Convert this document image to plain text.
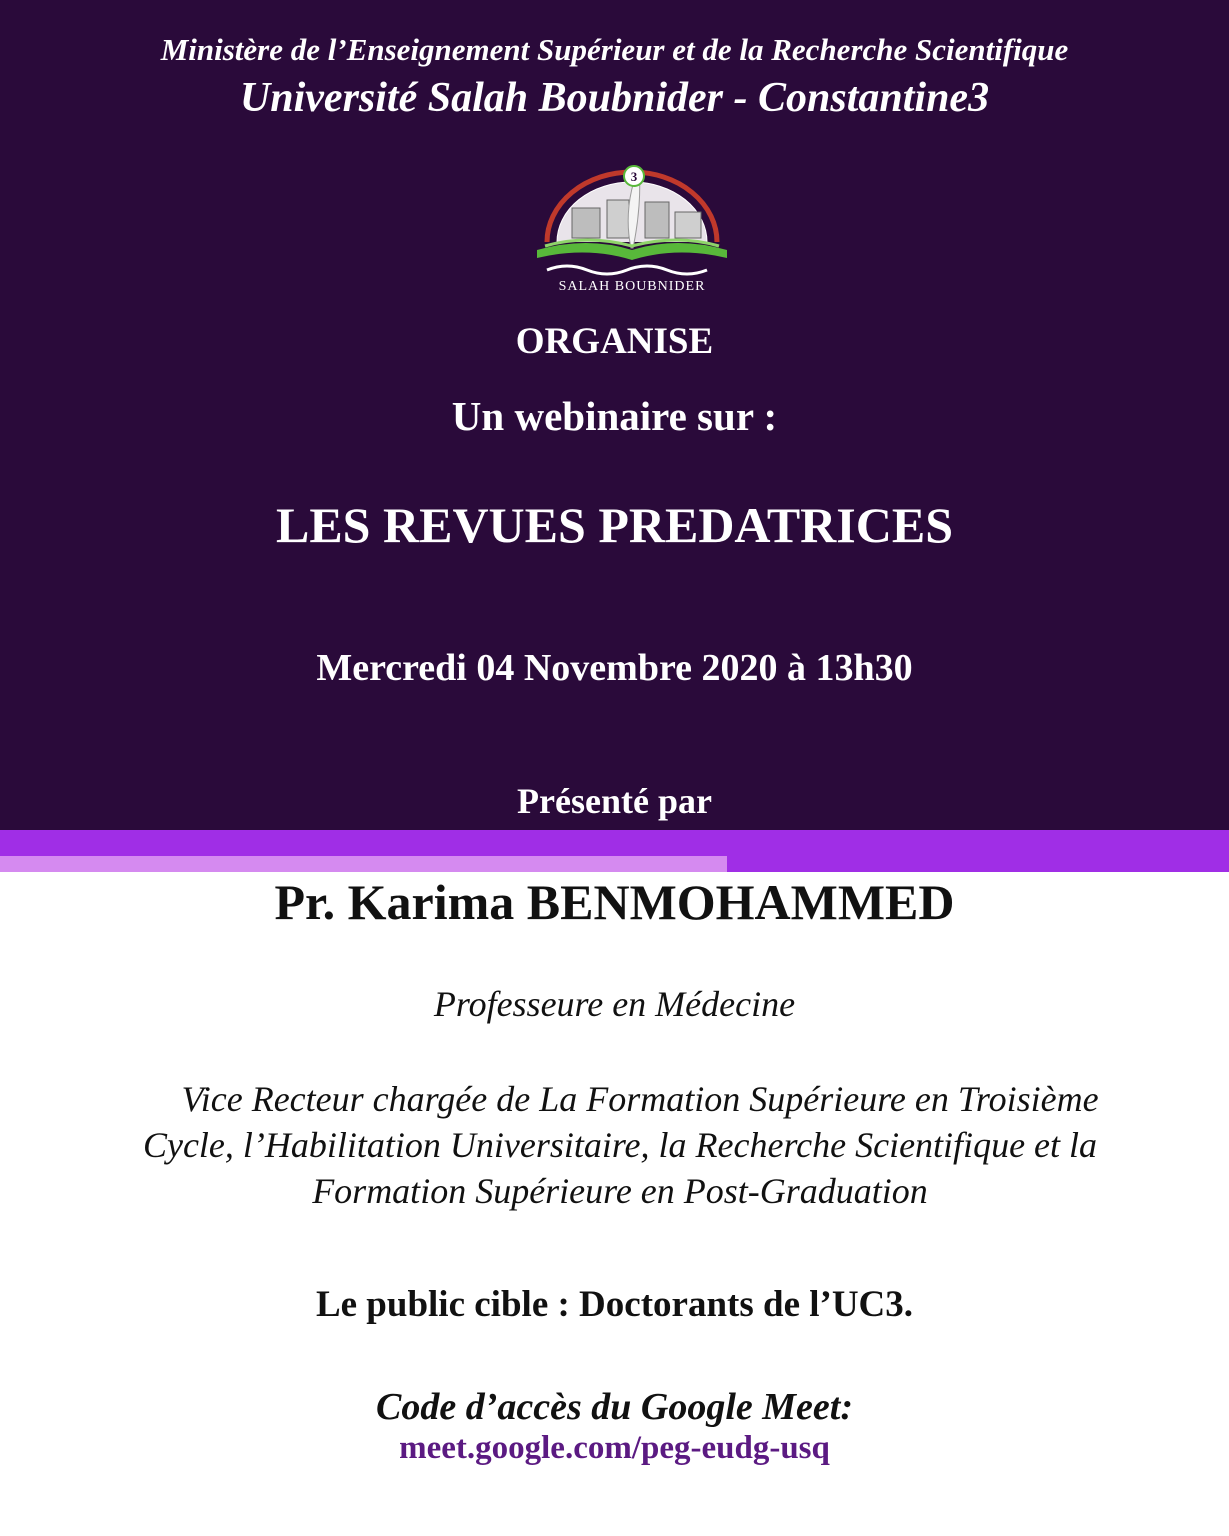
Ministère de l’Enseignement Supérieur et de la Recherche Scientifique

Université Salah Boubnider - Constantine3

3
SALAH BOUBNIDER

ORGANISE

Un webinaire sur :

LES REVUES PREDATRICES

Mercredi 04 Novembre 2020 à 13h30

Présenté par

Pr. Karima BENMOHAMMED

Professeure en Médecine

Vice Recteur chargée de La Formation Supérieure en Troisième

Cycle, l’Habilitation Universitaire, la Recherche Scientifique et la

Formation Supérieure en Post-Graduation

Le public cible : Doctorants de l’UC3.

Code d’accès du Google Meet:

meet.google.com/peg-eudg-usq
